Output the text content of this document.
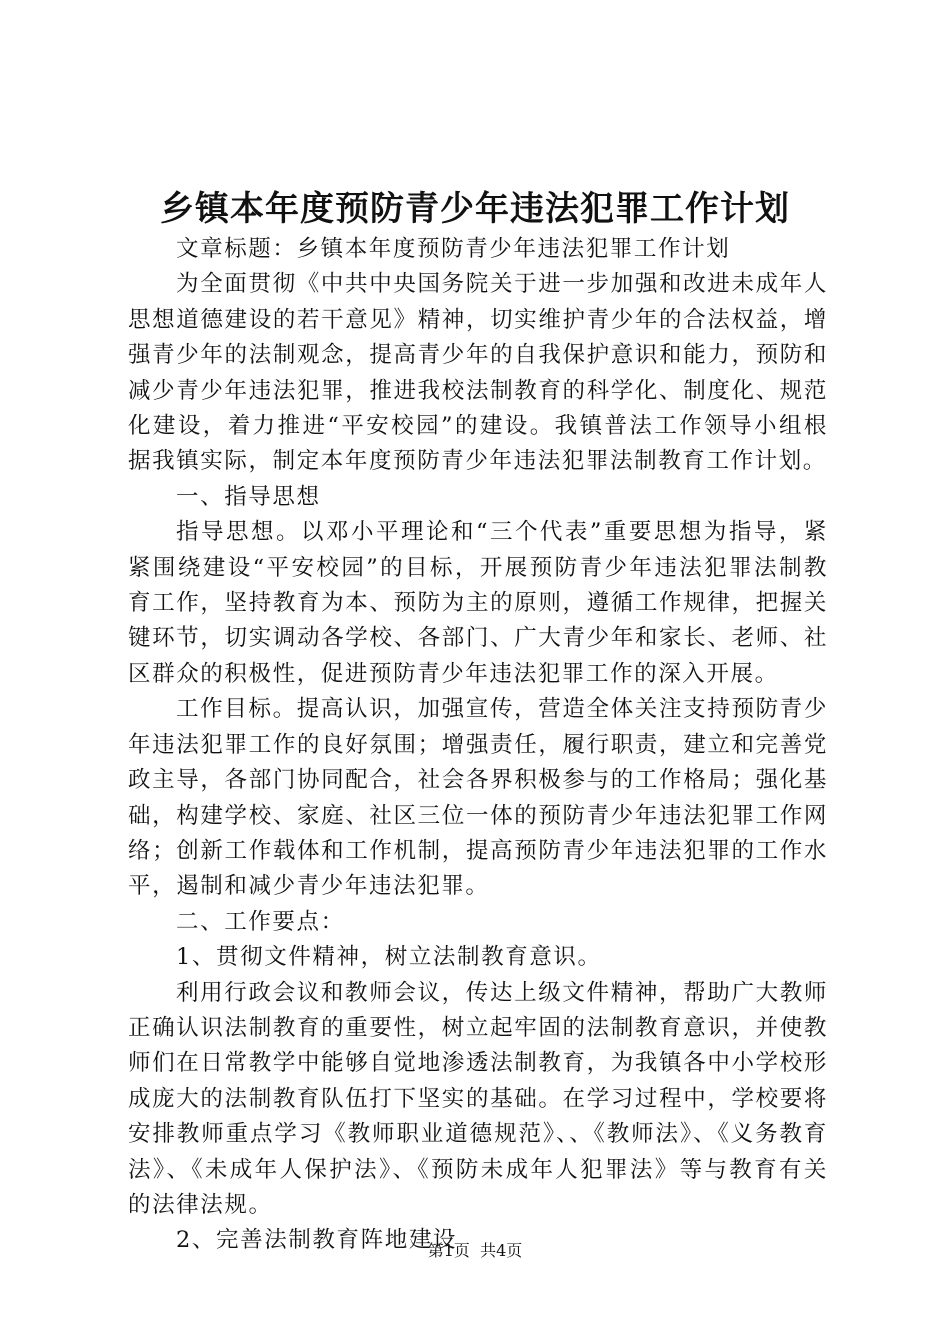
乡镇本年度预防青少年违法犯罪工作计划

文章标题：乡镇本年度预防青少年违法犯罪工作计划

为全面贯彻《中共中央国务院关于进一步加强和改进未成年人思想道德建设的若干意见》精神，切实维护青少年的合法权益，增强青少年的法制观念，提高青少年的自我保护意识和能力，预防和减少青少年违法犯罪，推进我校法制教育的科学化、制度化、规范化建设，着力推进“平安校园”的建设。我镇普法工作领导小组根据我镇实际，制定本年度预防青少年违法犯罪法制教育工作计划。

一、指导思想

指导思想。以邓小平理论和“三个代表”重要思想为指导，紧紧围绕建设“平安校园”的目标，开展预防青少年违法犯罪法制教育工作，坚持教育为本、预防为主的原则，遵循工作规律，把握关键环节，切实调动各学校、各部门、广大青少年和家长、老师、社区群众的积极性，促进预防青少年违法犯罪工作的深入开展。

工作目标。提高认识，加强宣传，营造全体关注支持预防青少年违法犯罪工作的良好氛围；增强责任，履行职责，建立和完善党政主导，各部门协同配合，社会各界积极参与的工作格局；强化基础，构建学校、家庭、社区三位一体的预防青少年违法犯罪工作网络；创新工作载体和工作机制，提高预防青少年违法犯罪的工作水平，遏制和减少青少年违法犯罪。

二、工作要点：

1、贯彻文件精神，树立法制教育意识。

利用行政会议和教师会议，传达上级文件精神，帮助广大教师正确认识法制教育的重要性，树立起牢固的法制教育意识，并使教师们在日常教学中能够自觉地渗透法制教育，为我镇各中小学校形成庞大的法制教育队伍打下坚实的基础。在学习过程中，学校要将安排教师重点学习《教师职业道德规范》、、《教师法》、《义务教育法》、《未成年人保护法》、《预防未成年人犯罪法》等与教育有关的法律法规。

2、完善法制教育阵地建设

第1页  共4页
